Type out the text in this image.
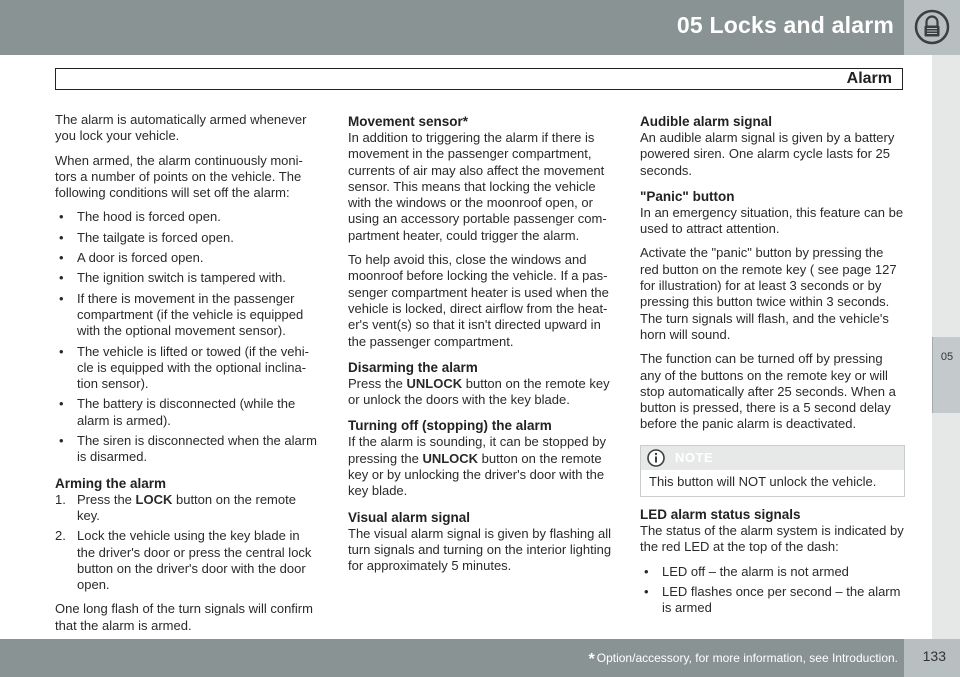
05 Locks and alarm
Alarm
05

The alarm is automatically armed whenever you lock your vehicle.

When armed, the alarm continuously moni-tors a number of points on the vehicle. The following conditions will set off the alarm:

• The hood is forced open.
• The tailgate is forced open.
• A door is forced open.
• The ignition switch is tampered with.
• If there is movement in the passenger compartment (if the vehicle is equipped with the optional movement sensor).
• The vehicle is lifted or towed (if the vehi-cle is equipped with the optional inclina-tion sensor).
• The battery is disconnected (while the alarm is armed).
• The siren is disconnected when the alarm is disarmed.
Arming the alarm
1. Press the LOCK button on the remote key.
2. Lock the vehicle using the key blade in the driver's door or press the central lock button on the driver's door with the door open.

One long flash of the turn signals will confirm that the alarm is armed.

Movement sensor*

In addition to triggering the alarm if there is movement in the passenger compartment, currents of air may also affect the movement sensor. This means that locking the vehicle with the windows or the moonroof open, or using an accessory portable passenger com-partment heater, could trigger the alarm.

To help avoid this, close the windows and moonroof before locking the vehicle. If a pas-senger compartment heater is used when the vehicle is locked, direct airflow from the heat-er's vent(s) so that it isn't directed upward in the passenger compartment.

Disarming the alarm

Press the UNLOCK button on the remote key or unlock the doors with the key blade.

Turning off (stopping) the alarm

If the alarm is sounding, it can be stopped by pressing the UNLOCK button on the remote key or by unlocking the driver's door with the key blade.

Visual alarm signal

The visual alarm signal is given by flashing all turn signals and turning on the interior lighting for approximately 5 minutes.

Audible alarm signal

An audible alarm signal is given by a battery powered siren. One alarm cycle lasts for 25 seconds.

"Panic" button

In an emergency situation, this feature can be used to attract attention.

Activate the "panic" button by pressing the red button on the remote key ( see page 127 for illustration) for at least 3 seconds or by pressing this button twice within 3 seconds. The turn signals will flash, and the vehicle's horn will sound.

The function can be turned off by pressing any of the buttons on the remote key or will stop automatically after 25 seconds. When a button is pressed, there is a 5 second delay before the panic alarm is deactivated.

NOTE
This button will NOT unlock the vehicle.
LED alarm status signals

The status of the alarm system is indicated by the red LED at the top of the dash:

• LED off – the alarm is not armed
• LED flashes once per second – the alarm is armed
* Option/accessory, for more information, see Introduction. 133
